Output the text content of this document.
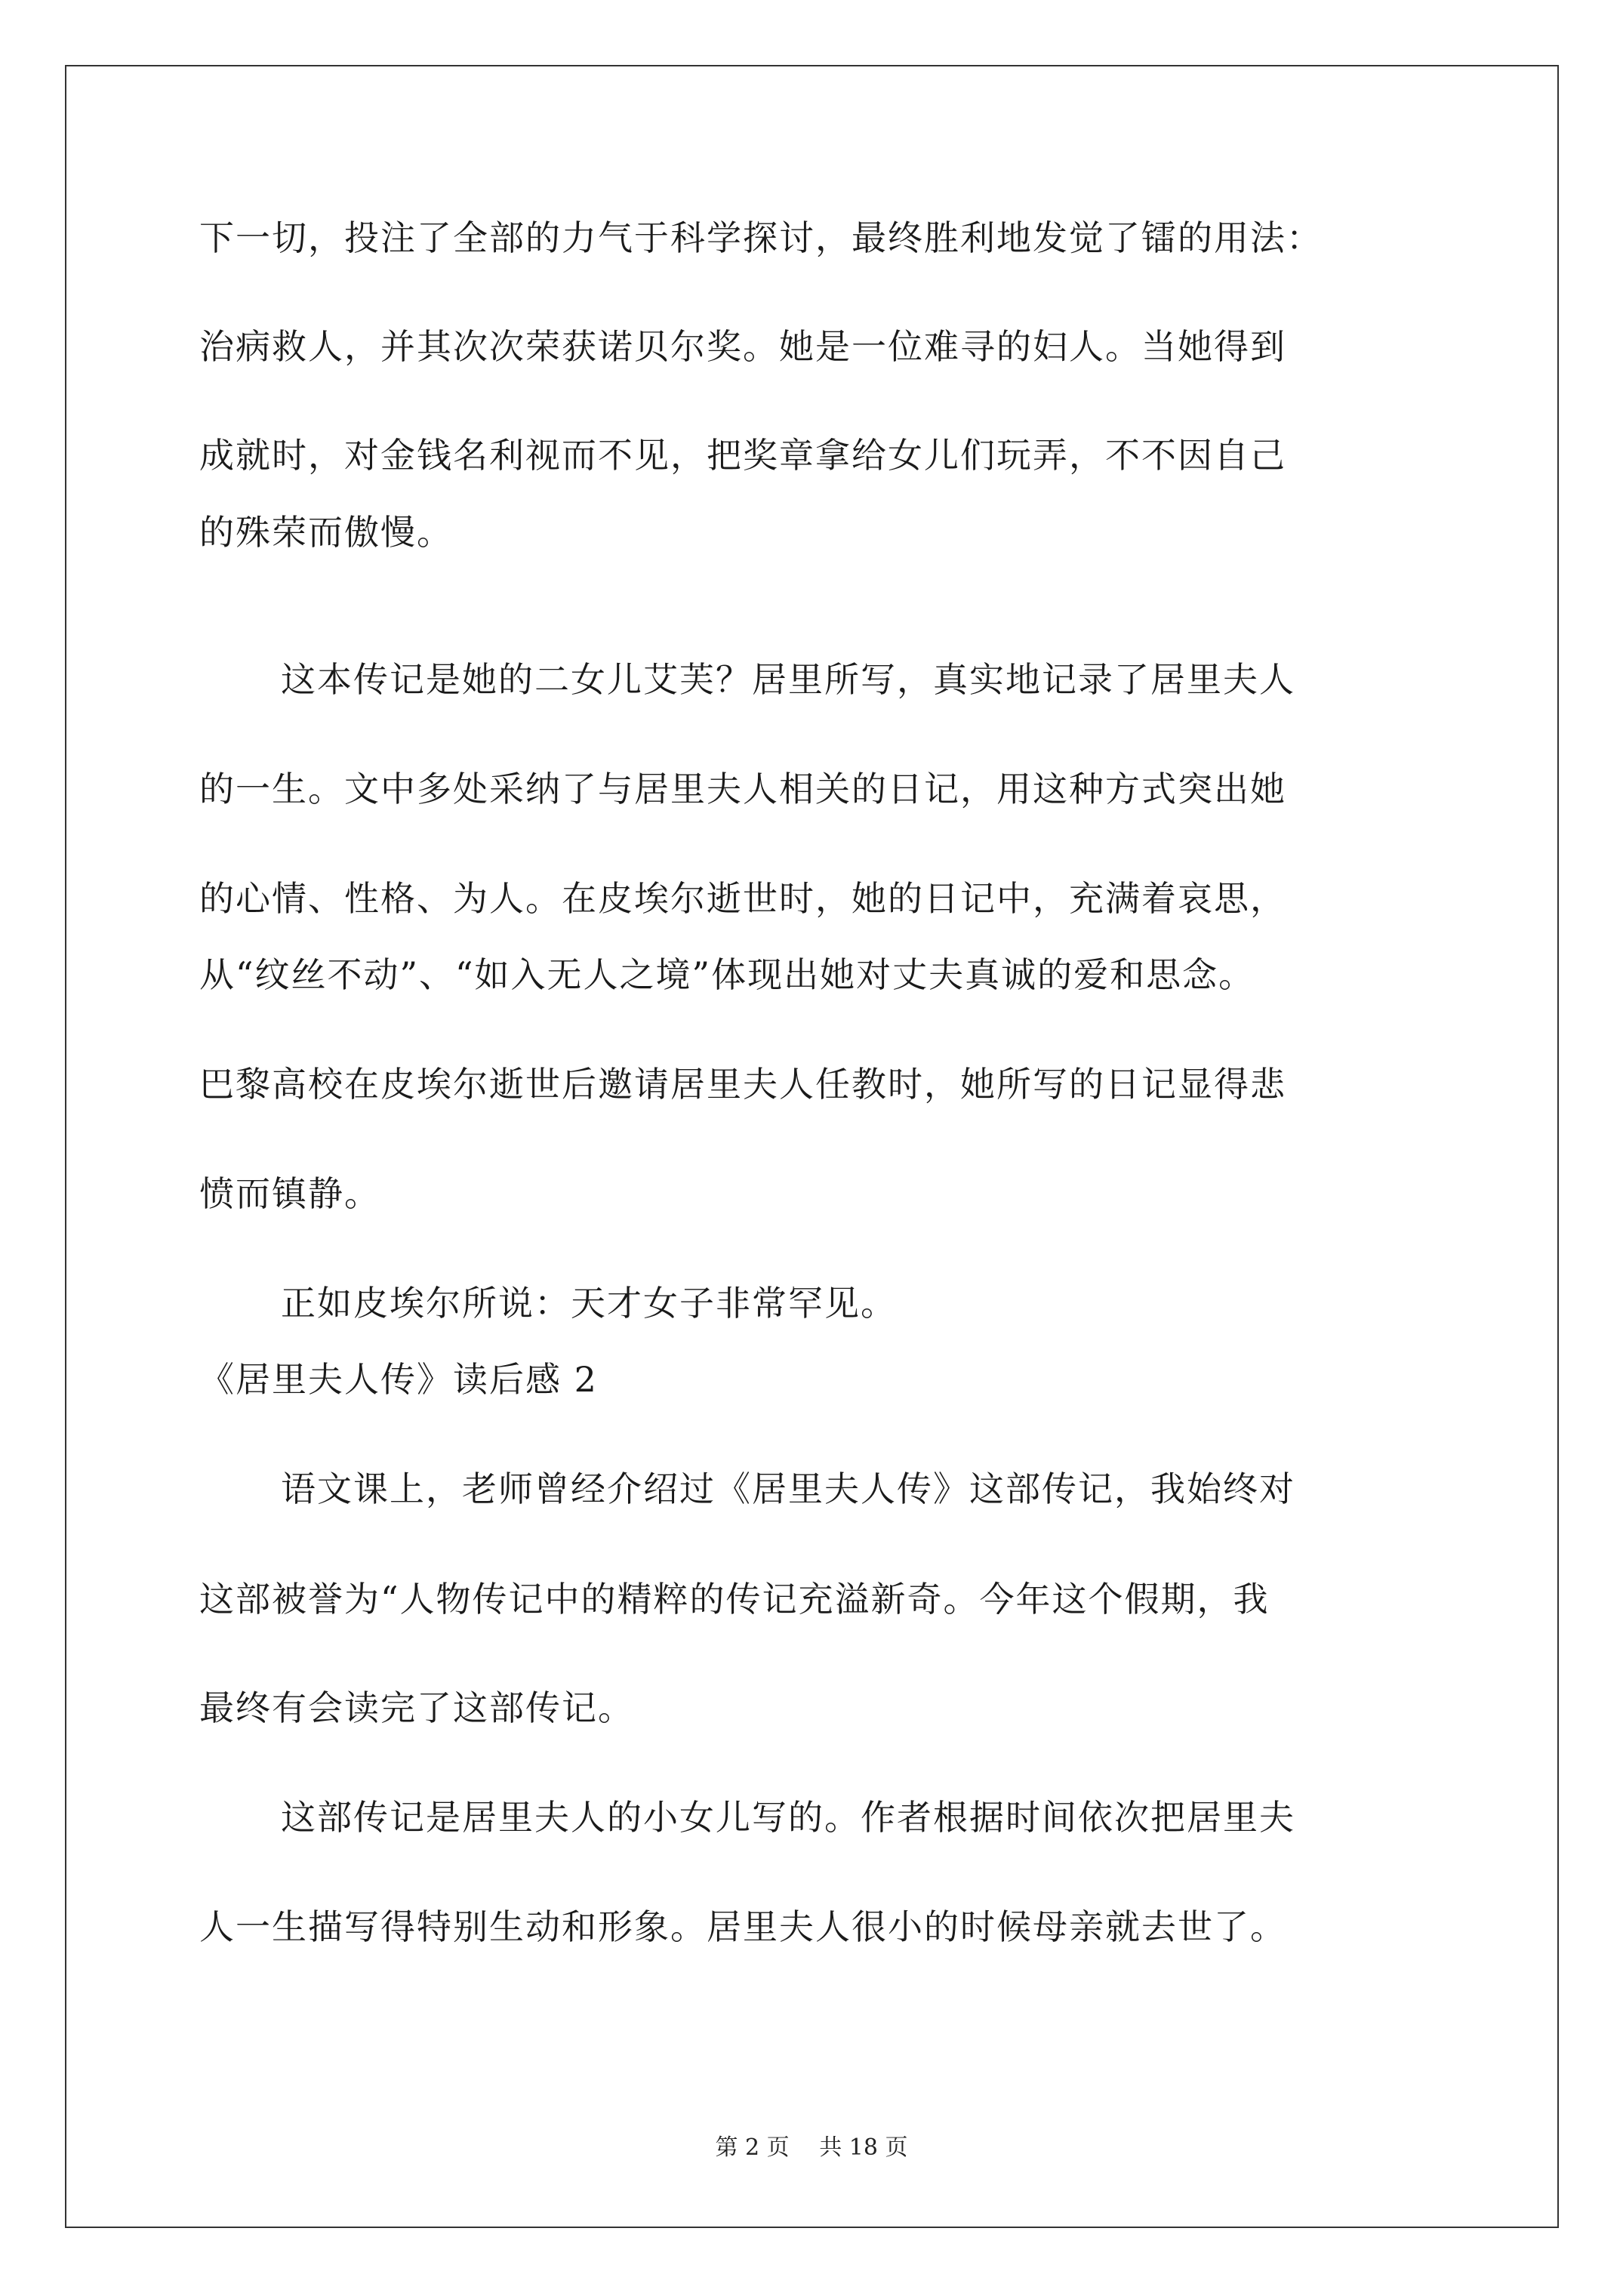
下一切，投注了全部的力气于科学探讨，最终胜利地发觉了镭的用法：
治病救人，并其次次荣获诺贝尔奖。她是一位难寻的妇人。当她得到
成就时，对金钱名利视而不见，把奖章拿给女儿们玩弄，不不因自己
的殊荣而傲慢。
这本传记是她的二女儿艾芙？居里所写，真实地记录了居里夫人
的一生。文中多处采纳了与居里夫人相关的日记，用这种方式突出她
的心情、性格、为人。在皮埃尔逝世时，她的日记中，充满着哀思，
从“纹丝不动”、“如入无人之境”体现出她对丈夫真诚的爱和思念。
巴黎高校在皮埃尔逝世后邀请居里夫人任教时，她所写的日记显得悲
愤而镇静。
正如皮埃尔所说：天才女子非常罕见。
《居里夫人传》读后感 2
语文课上，老师曾经介绍过《居里夫人传》这部传记，我始终对
这部被誉为“人物传记中的精粹的传记充溢新奇。今年这个假期，我
最终有会读完了这部传记。
这部传记是居里夫人的小女儿写的。作者根据时间依次把居里夫
人一生描写得特别生动和形象。居里夫人很小的时候母亲就去世了。
第 2 页　 共 18 页
